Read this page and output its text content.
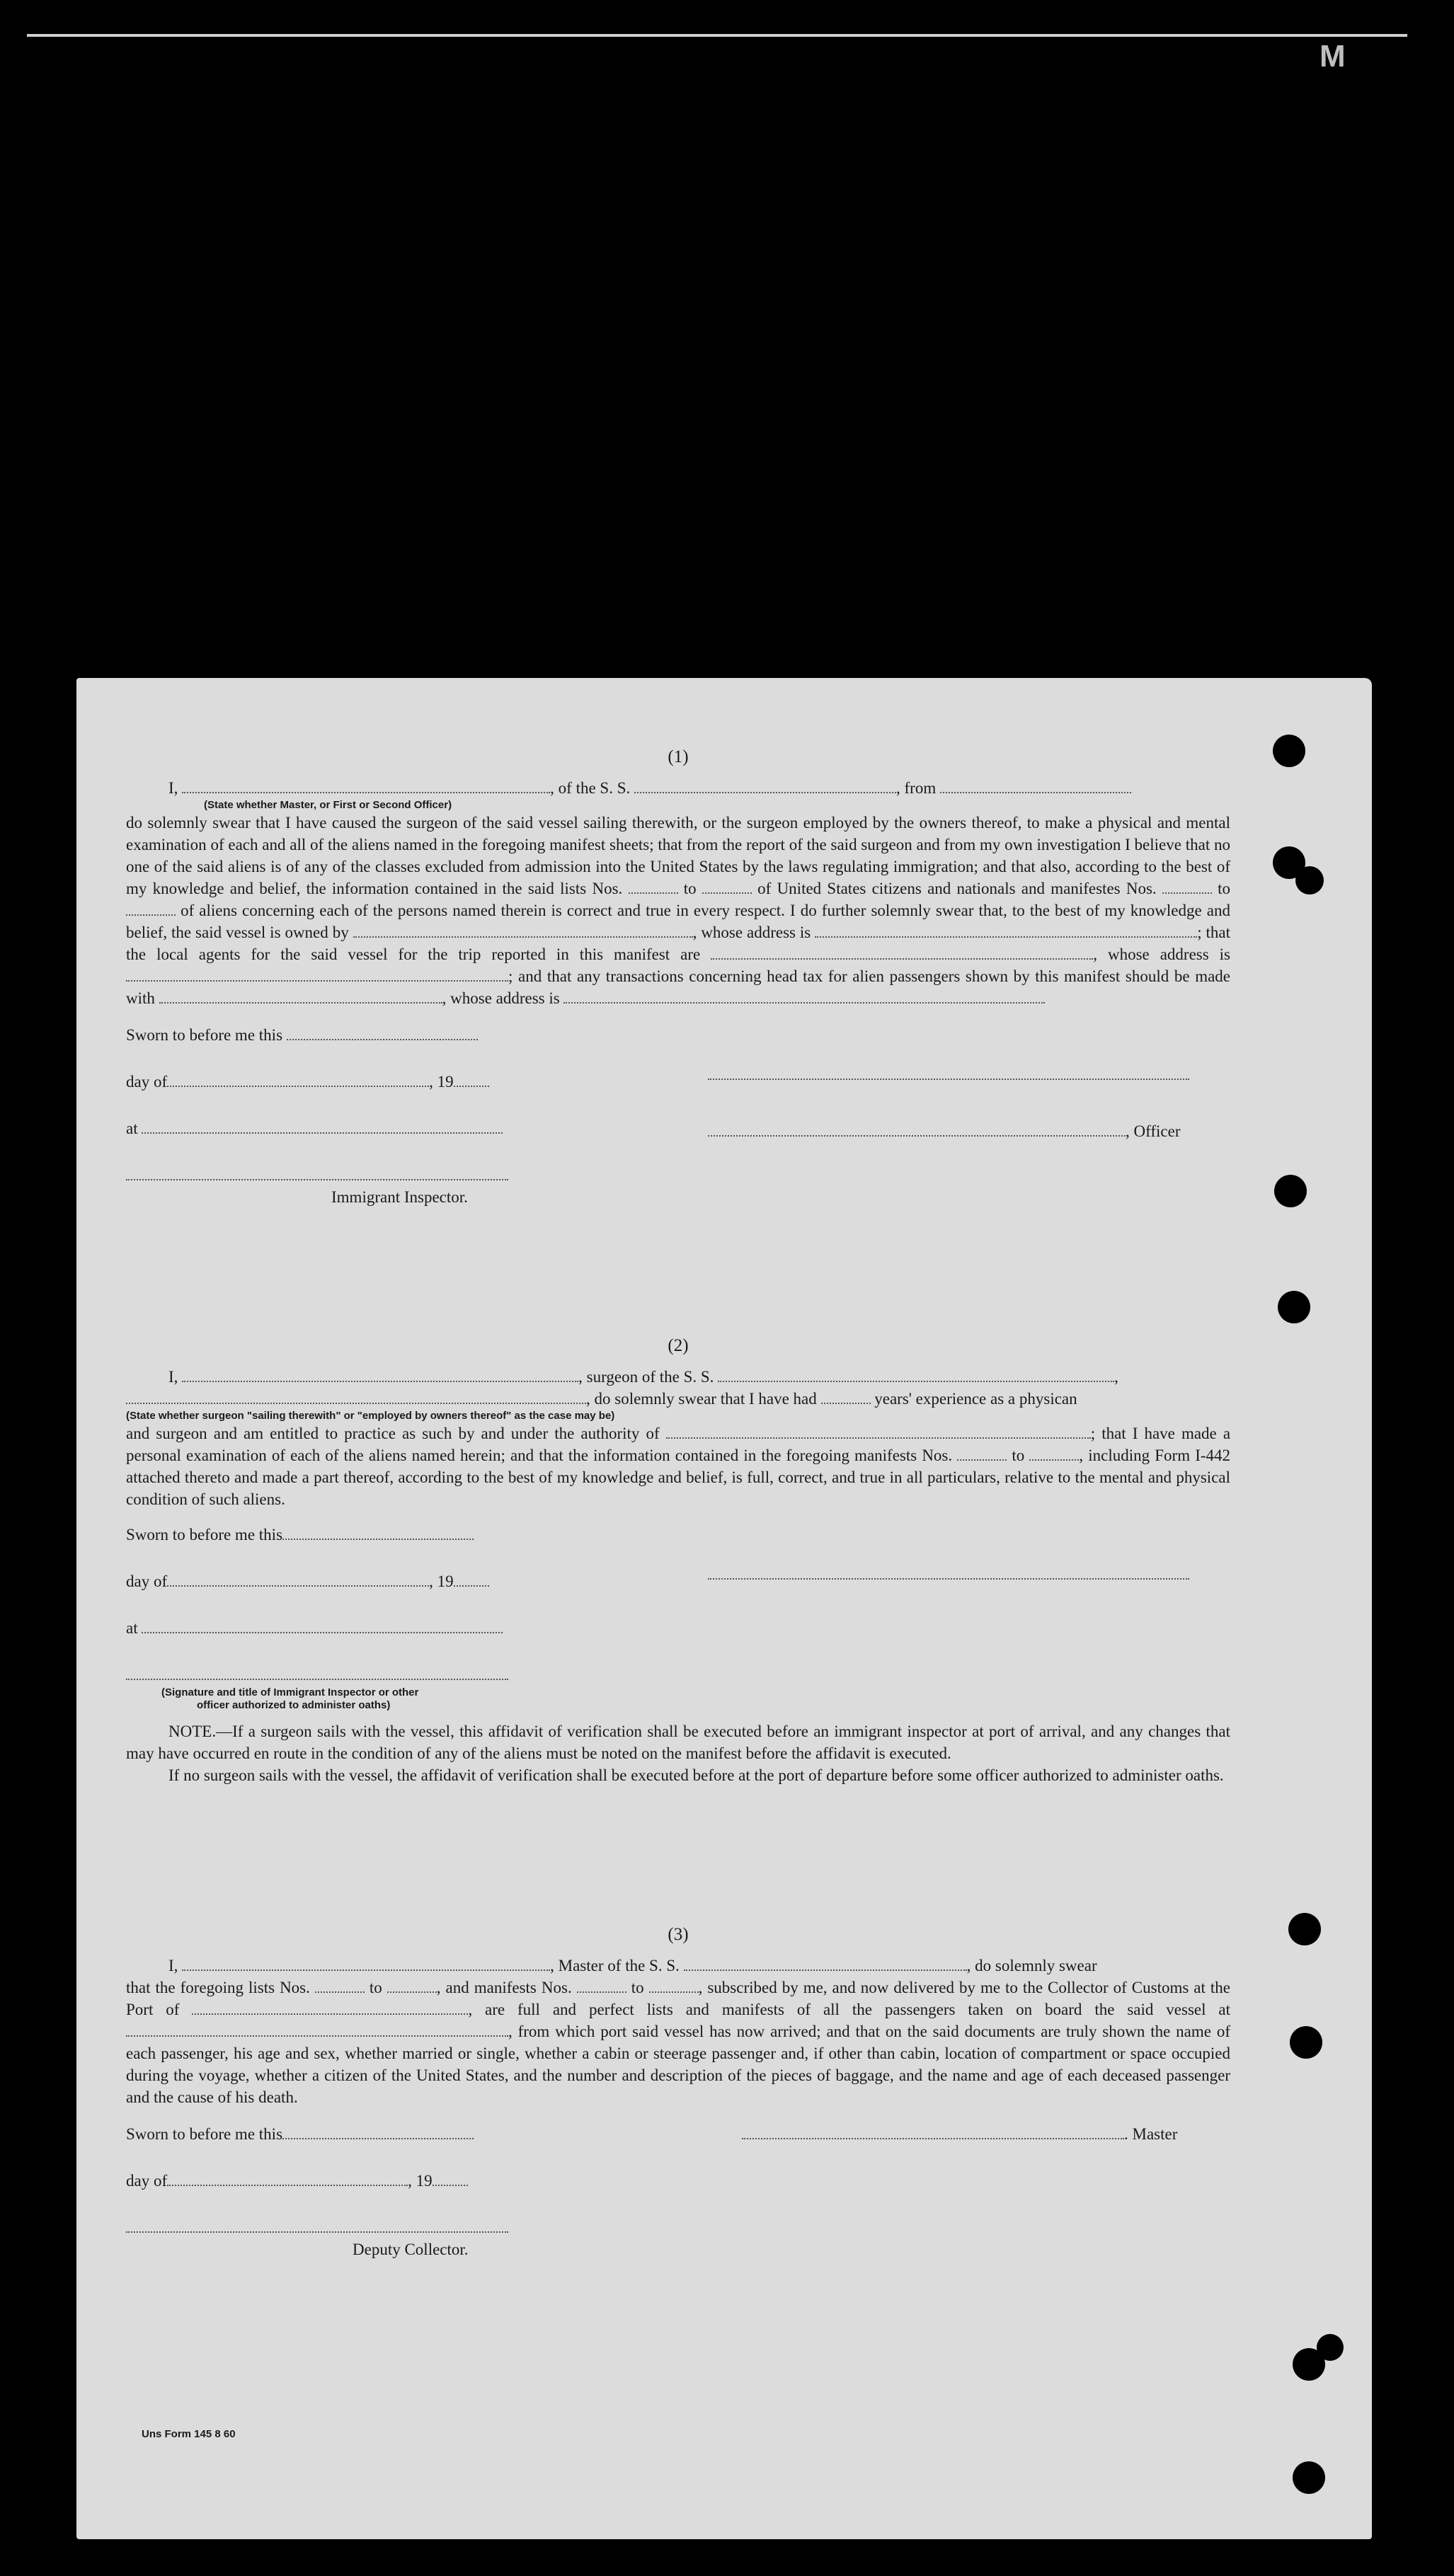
M
(1)

I,	, of the S. S.	, from

(State whether Master, or First or Second Officer)

do solemnly swear that I have caused the surgeon of the said vessel sailing therewith, or the surgeon employed by the owners thereof, to make a physical and mental examination of each and all of the aliens named in the foregoing manifest sheets; that from the report of the said surgeon and from my own investigation I believe that no one of the said aliens is of any of the classes excluded from admission into the United States by the laws regulating immigration; and that also, according to the best of my knowledge and belief, the information contained in the said lists Nos.	to	of United States citizens and nationals and manifestes Nos.	to  of aliens concerning each of the persons named therein is correct and true in every respect. I do further solemnly swear that, to the best of my knowledge and belief, the said vessel is owned by	, whose address is	; that the local agents for the said vessel for the trip reported in this manifest are	, whose address is ; and that any transactions concerning head tax for alien passengers shown by this manifest should be made with	, whose address is

Sworn to before me this
day of	, 19
at	, Officer
Immigrant Inspector.
(2)

I,	, surgeon of the S. S.	,

, do solemnly swear that I have had	years' experience as a physican

(State whether surgeon "sailing therewith" or "employed by owners thereof" as the case may be)

and surgeon and am entitled to practice as such by and under the authority of	; that I have made a personal examination of each of the aliens named herein; and that the information contained in the foregoing manifests Nos.	to	, including Form I-442 attached thereto and made a part thereof, according to the best of my knowledge and belief, is full, correct, and true in all particulars, relative to the mental and physical condition of such aliens.

Sworn to before me this
day of	, 19
at
(Signature and title of Immigrant Inspector or other
officer authorized to administer oaths)
NOTE.—If a surgeon sails with the vessel, this affidavit of verification shall be executed before an immigrant inspector at port of arrival, and any changes that may have occurred en route in the condition of any of the aliens must be noted on the manifest before the affidavit is executed.
If no surgeon sails with the vessel, the affidavit of verification shall be executed before at the port of departure before some officer authorized to administer oaths.
(3)

I,	, Master of the S. S.	, do solemnly swear

that the foregoing lists Nos.	to	, and manifests Nos.	to	, subscribed by me, and now delivered by me to the Collector of Customs at the Port of	, are full and perfect lists and manifests of all the passengers taken on board the said vessel at , from which port said vessel has now arrived; and that on the said documents are truly shown the name of each passenger, his age and sex, whether married or single, whether a cabin or steerage passenger and, if other than cabin, location of compartment or space occupied during the voyage, whether a citizen of the United States, and the number and description of the pieces of baggage, and the name and age of each deceased passenger and the cause of his death.

Sworn to before me this	. Master
day of	, 19
Deputy Collector.
Uns Form 145 8 60
